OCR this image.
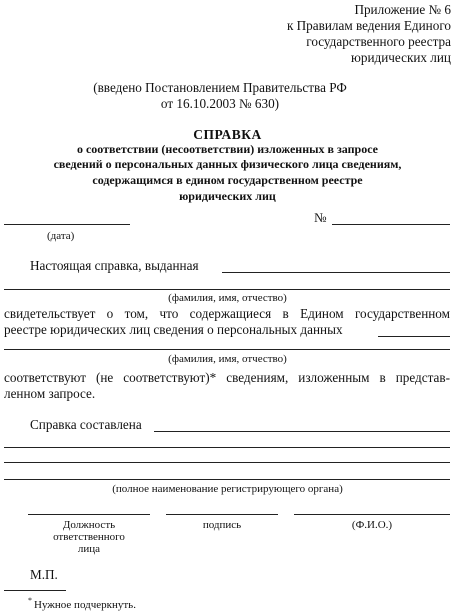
Приложение № 6
к Правилам ведения Единого
государственного реестра
юридических лиц
(введено Постановлением Правительства РФ
от 16.10.2003 № 630)
СПРАВКА
о соответствии (несоответствии) изложенных в запросе
сведений о персональных данных физического лица сведениям,
содержащимся в едином государственном реестре
юридических лиц
(дата)
№
Настоящая справка, выданная
(фамилия, имя, отчество)
свидетельствует о том, что содержащиеся в Едином государственном
реестре юридических лиц сведения о персональных данных
(фамилия, имя, отчество)
соответствуют (не соответствуют)* сведениям, изложенным в представ-
ленном запросе.
Справка составлена
(полное наименование регистрирующего органа)
Должность
ответственного
лица
подпись	(Ф.И.О.)
М.П.
* Нужное подчеркнуть.
